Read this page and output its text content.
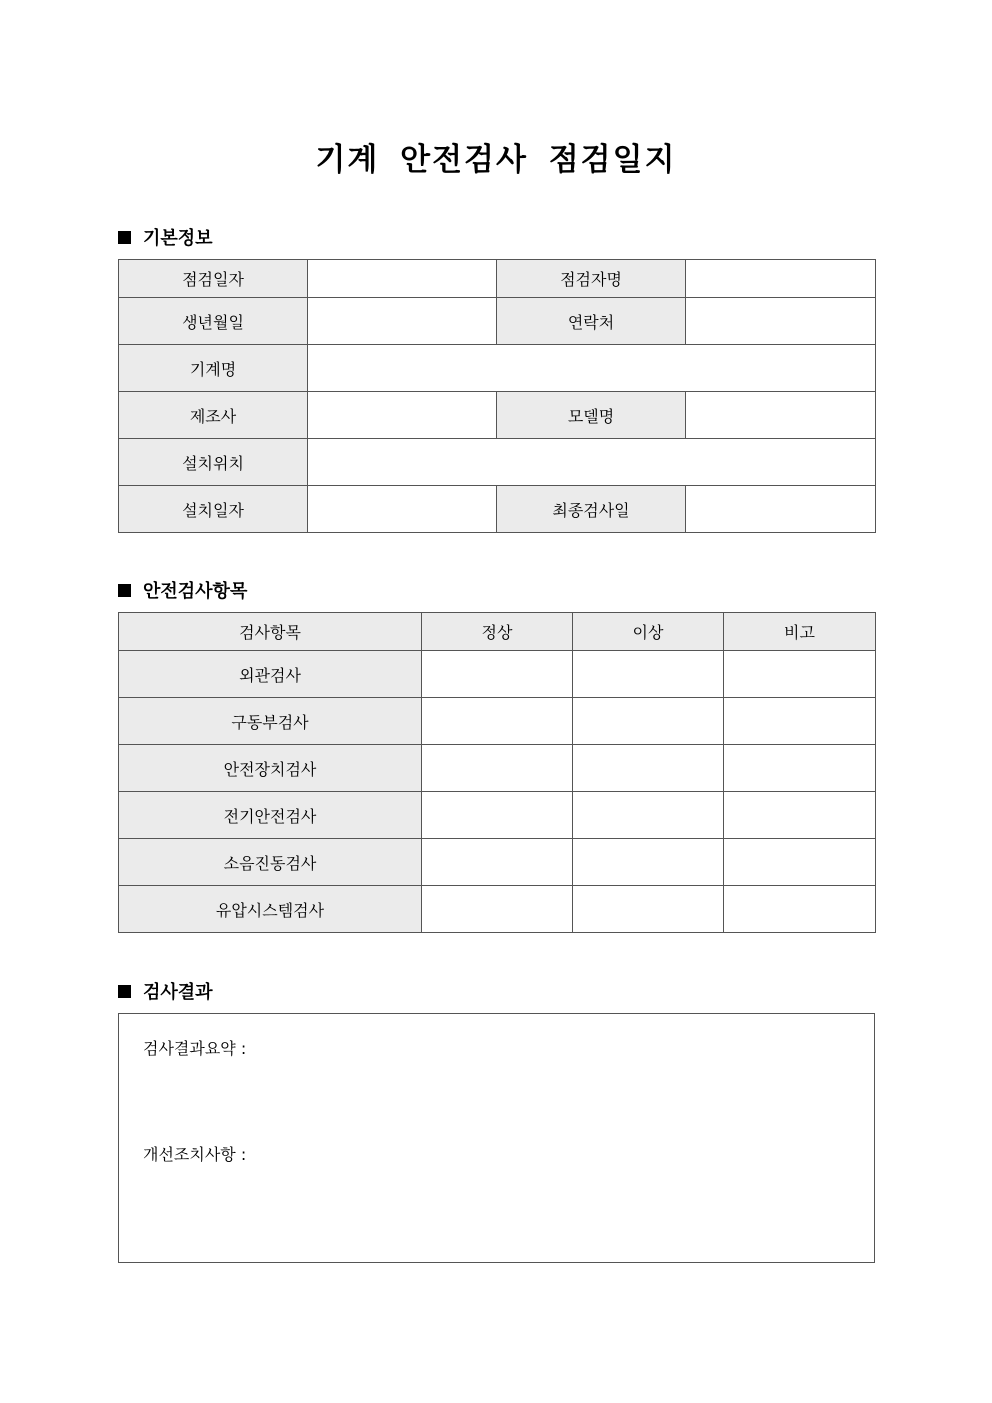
기계 안전검사 점검일지
기본정보
점검일자		점검자명	
생년월일		연락처	
기계명			
제조사		모델명	
설치위치			
설치일자		최종검사일	
안전검사항목
검사항목	정상	이상	비고
외관검사			
구동부검사			
안전장치검사			
전기안전검사			
소음진동검사			
유압시스템검사			
검사결과
검사결과요약 :
개선조치사항 :
